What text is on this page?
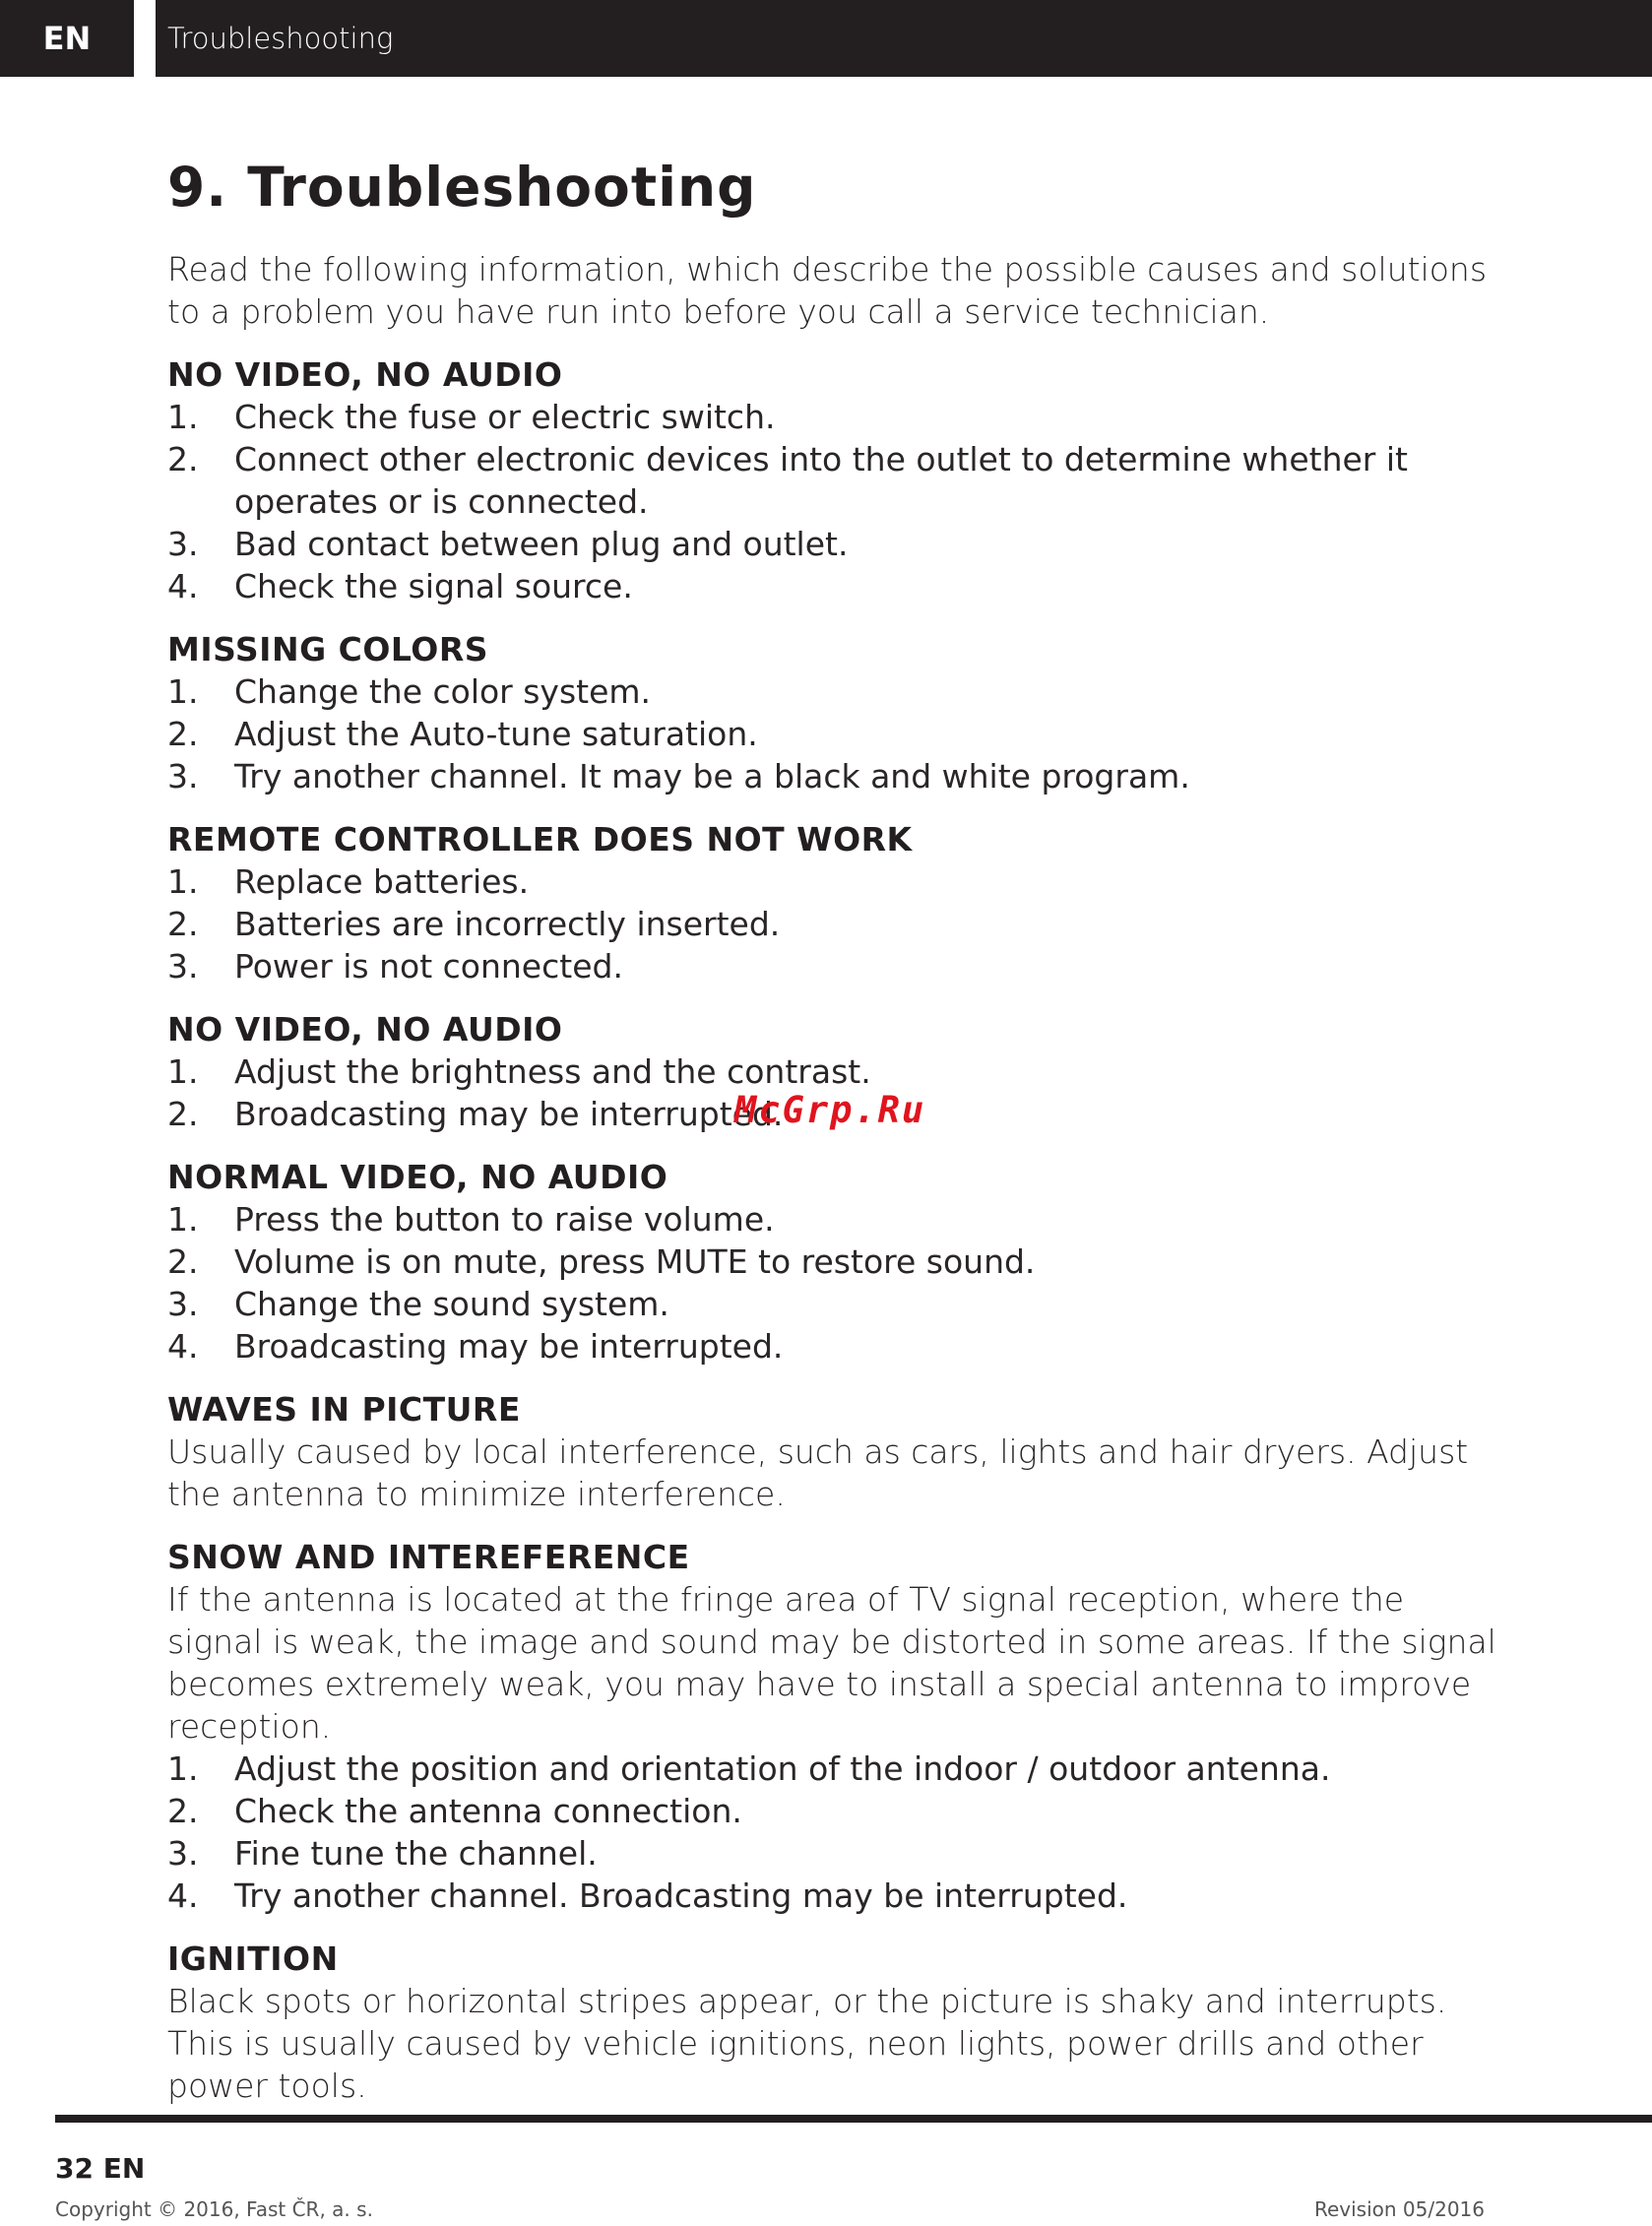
EN	Troubleshooting
9. Troubleshooting
Read the following information, which describe the possible causes and solutions to a problem you have run into before you call a service technician.
NO VIDEO, NO AUDIO
1.	Check the fuse or electric switch.
2.	Connect other electronic devices into the outlet to determine whether it operates or is connected.
3.	Bad contact between plug and outlet.
4.	Check the signal source.
MISSING COLORS
1.	Change the color system.
2.	Adjust the Auto-tune saturation.
3.	Try another channel. It may be a black and white program.
REMOTE CONTROLLER DOES NOT WORK
1.	Replace batteries.
2.	Batteries are incorrectly inserted.
3.	Power is not connected.
NO VIDEO, NO AUDIO
1.	Adjust the brightness and the contrast.
2.	Broadcasting may be interrupted.
NORMAL VIDEO, NO AUDIO
1.	Press the button to raise volume.
2.	Volume is on mute, press MUTE to restore sound.
3.	Change the sound system.
4.	Broadcasting may be interrupted.
WAVES IN PICTURE
Usually caused by local interference, such as cars, lights and hair dryers. Adjust the antenna to minimize interference.
SNOW AND INTEREFERENCE
If the antenna is located at the fringe area of TV signal reception, where the signal is weak, the image and sound may be distorted in some areas. If the signal becomes extremely weak, you may have to install a special antenna to improve reception.
1.	Adjust the position and orientation of the indoor / outdoor antenna.
2.	Check the antenna connection.
3.	Fine tune the channel.
4.	Try another channel. Broadcasting may be interrupted.
IGNITION
Black spots or horizontal stripes appear, or the picture is shaky and interrupts. This is usually caused by vehicle ignitions, neon lights, power drills and other power tools.
McGrp.Ru
32 EN
Copyright © 2016, Fast ČR, a. s.	Revision 05/2016
